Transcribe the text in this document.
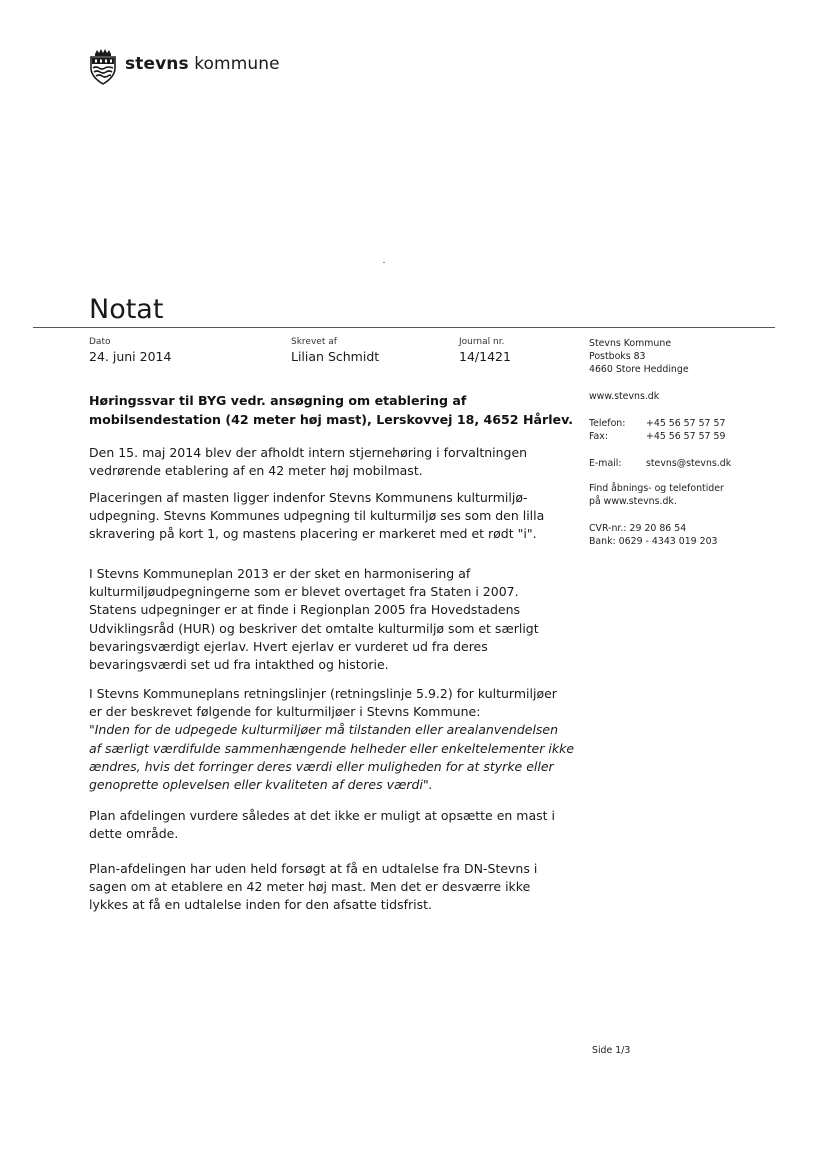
stevns kommune
Notat
Dato
24. juni 2014
Skrevet af
Lilian Schmidt
Journal nr.
14/1421
Høringssvar til BYG vedr. ansøgning om etablering af
mobilsendestation (42 meter høj mast), Lerskovvej 18, 4652 Hårlev.

Den 15. maj 2014 blev der afholdt intern stjernehøring i forvaltningen

vedrørende etablering af en 42 meter høj mobilmast.

Placeringen af masten ligger indenfor Stevns Kommunens kulturmiljø-

udpegning. Stevns Kommunes udpegning til kulturmiljø ses som den lilla

skravering på kort 1, og mastens placering er markeret med et rødt "i".

I Stevns Kommuneplan 2013 er der sket en harmonisering af

kulturmiljøudpegningerne som er blevet overtaget fra Staten i 2007.

Statens udpegninger er at finde i Regionplan 2005 fra Hovedstadens

Udviklingsråd (HUR) og beskriver det omtalte kulturmiljø som et særligt

bevaringsværdigt ejerlav. Hvert ejerlav er vurderet ud fra deres

bevaringsværdi set ud fra intakthed og historie.

I Stevns Kommuneplans retningslinjer (retningslinje 5.9.2) for kulturmiljøer

er der beskrevet følgende for kulturmiljøer i Stevns Kommune:

"Inden for de udpegede kulturmiljøer må tilstanden eller arealanvendelsen

af særligt værdifulde sammenhængende helheder eller enkeltelementer ikke

ændres, hvis det forringer deres værdi eller muligheden for at styrke eller

genoprette oplevelsen eller kvaliteten af deres værdi".

Plan afdelingen vurdere således at det ikke er muligt at opsætte en mast i

dette område.

Plan-afdelingen har uden held forsøgt at få en udtalelse fra DN-Stevns i

sagen om at etablere en 42 meter høj mast. Men det er desværre ikke

lykkes at få en udtalelse inden for den afsatte tidsfrist.

Stevns Kommune
Postboks 83
4660 Store Heddinge
www.stevns.dk
Telefon:	+45 56 57 57 57
Fax:	+45 56 57 57 59
E-mail:	stevns@stevns.dk
Find åbnings- og telefontider
på www.stevns.dk.
CVR-nr.: 29 20 86 54
Bank: 0629 - 4343 019 203
Side 1/3
